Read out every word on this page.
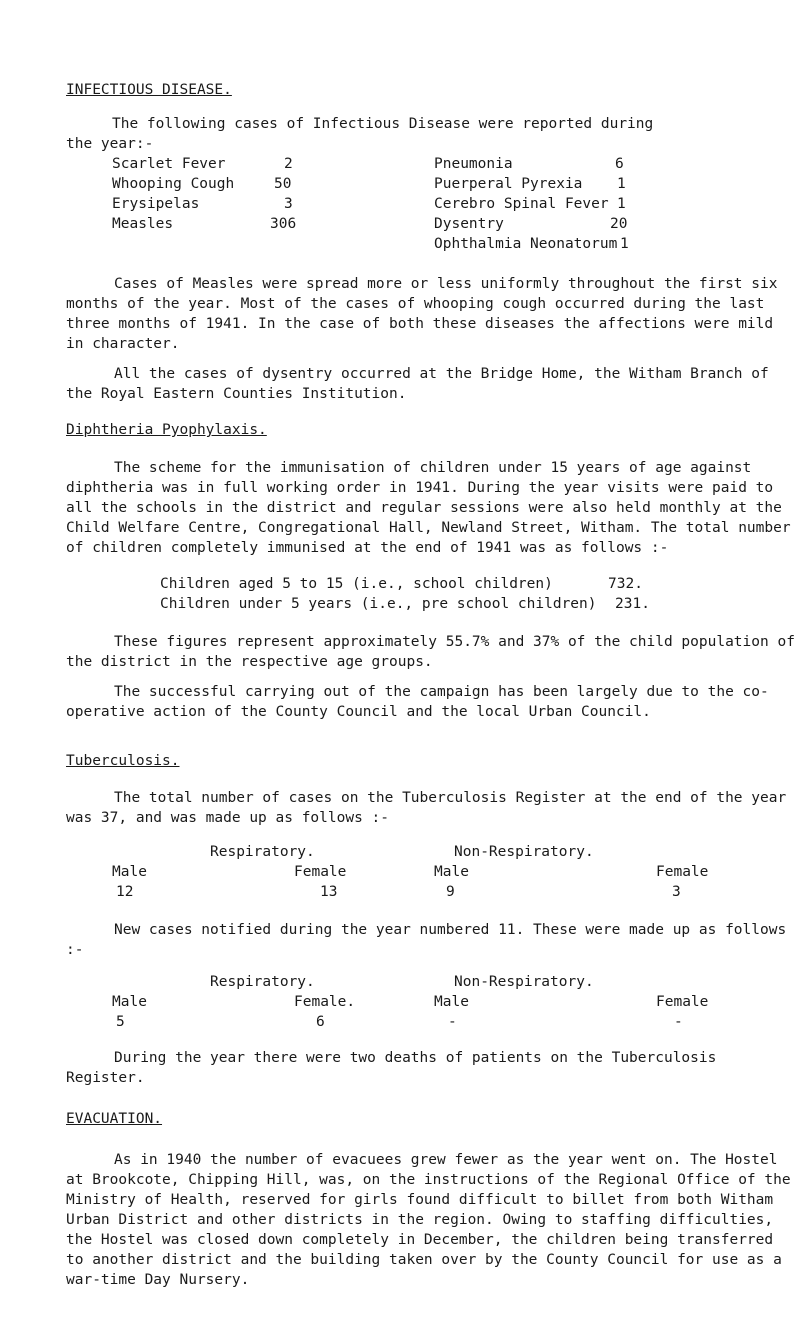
INFECTIOUS DISEASE.
The following cases of Infectious Disease were reported during
the year:-
Scarlet Fever	2
Whooping Cough	50
Erysipelas	3
Measles	306
Pneumonia	6
Puerperal Pyrexia 1
Cerebro Spinal Fever 1
Dysentry	20
Ophthalmia Neonatorum 1

Cases of Measles were spread more or less uniformly throughout the first six months of the year. Most of the cases of whooping cough occurred during the last three months of 1941. In the case of both these diseases the affections were mild in character.

All the cases of dysentry occurred at the Bridge Home, the Witham Branch of the Royal Eastern Counties Institution.

Diphtheria Pyophylaxis.

The scheme for the immunisation of children under 15 years of age against diphtheria was in full working order in 1941. During the year visits were paid to all the schools in the district and regular sessions were also held monthly at the Child Welfare Centre, Congregational Hall, Newland Street, Witham. The total number of children completely immunised at the end of 1941 was as follows :-

Children aged 5 to 15 (i.e., school children)	732.
Children under 5 years (i.e., pre school children) 231.

These figures represent approximately 55.7% and 37% of the child population of the district in the respective age groups.

The successful carrying out of the campaign has been largely due to the co-operative action of the County Council and the local Urban Council.

Tuberculosis.

The total number of cases on the Tuberculosis Register at the end of the year was 37, and was made up as follows :-

Respiratory.	Non-Respiratory.
Male	Female	Male	Female
12	13	9	3

New cases notified during the year numbered 11. These were made up as follows :-

Respiratory.	Non-Respiratory.
Male	Female.	Male	Female
5	6	-	-

During the year there were two deaths of patients on the Tuberculosis Register.

EVACUATION.

As in 1940 the number of evacuees grew fewer as the year went on. The Hostel at Brookcote, Chipping Hill, was, on the instructions of the Regional Office of the Ministry of Health, reserved for girls found difficult to billet from both Witham Urban District and other districts in the region. Owing to staffing difficulties, the Hostel was closed down completely in December, the children being transferred to another district and the building taken over by the County Council for use as a war-time Day Nursery.
